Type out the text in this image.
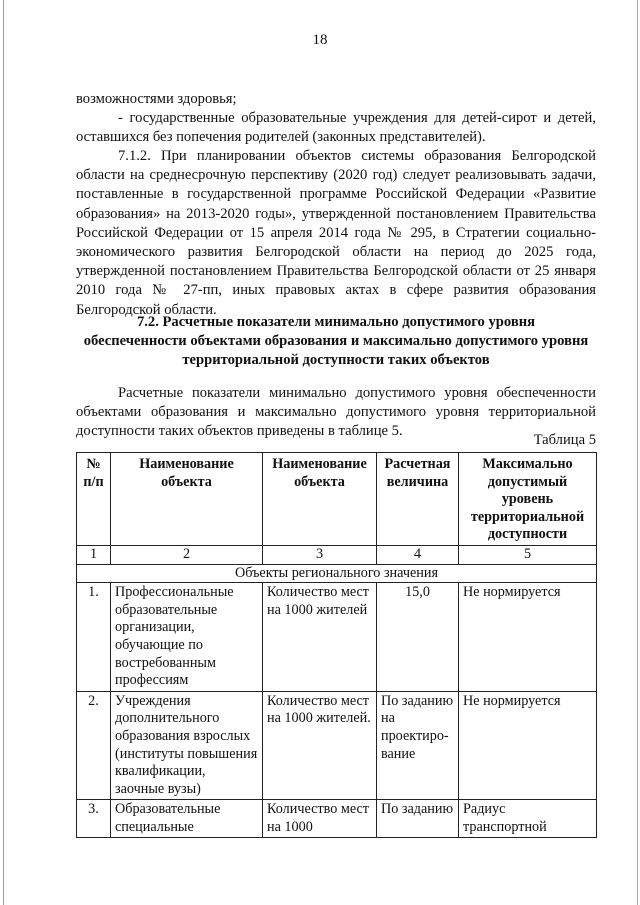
18
возможностями здоровья;
- государственные образовательные учреждения для детей-сирот и детей, оставшихся без попечения родителей (законных представителей).
7.1.2. При планировании объектов системы образования Белгородской области на среднесрочную перспективу (2020 год) следует реализовывать задачи, поставленные в государственной программе Российской Федерации «Развитие образования» на 2013-2020 годы», утвержденной постановлением Правительства Российской Федерации от 15 апреля 2014 года № 295, в Стратегии социально-экономического развития Белгородской области на период до 2025 года, утвержденной постановлением Правительства Белгородской области от 25 января 2010 года № 27-пп, иных правовых актах в сфере развития образования Белгородской области.
7.2. Расчетные показатели минимально допустимого уровня
обеспеченности объектами образования и максимально допустимого уровня
территориальной доступности таких объектов
Расчетные показатели минимально допустимого уровня обеспеченности объектами образования и максимально допустимого уровня территориальной доступности таких объектов приведены в таблице 5.
Таблица 5
№ п/п	Наименование объекта	Наименование объекта	Расчетная величина	Максимально допустимый уровень территориальной доступности
1	2	3	4	5
Объекты регионального значения				
1.	Профессиональные образовательные организации, обучающие по востребованным профессиям	Количество мест на 1000 жителей	15,0	Не нормируется
2.	Учреждения дополнительного образования взрослых (институты повышения квалификации, заочные вузы)	Количество мест на 1000 жителей.	По заданию на проектиро-вание	Не нормируется
3.	Образовательные специальные	Количество мест на 1000	По заданию	Радиус транспортной
